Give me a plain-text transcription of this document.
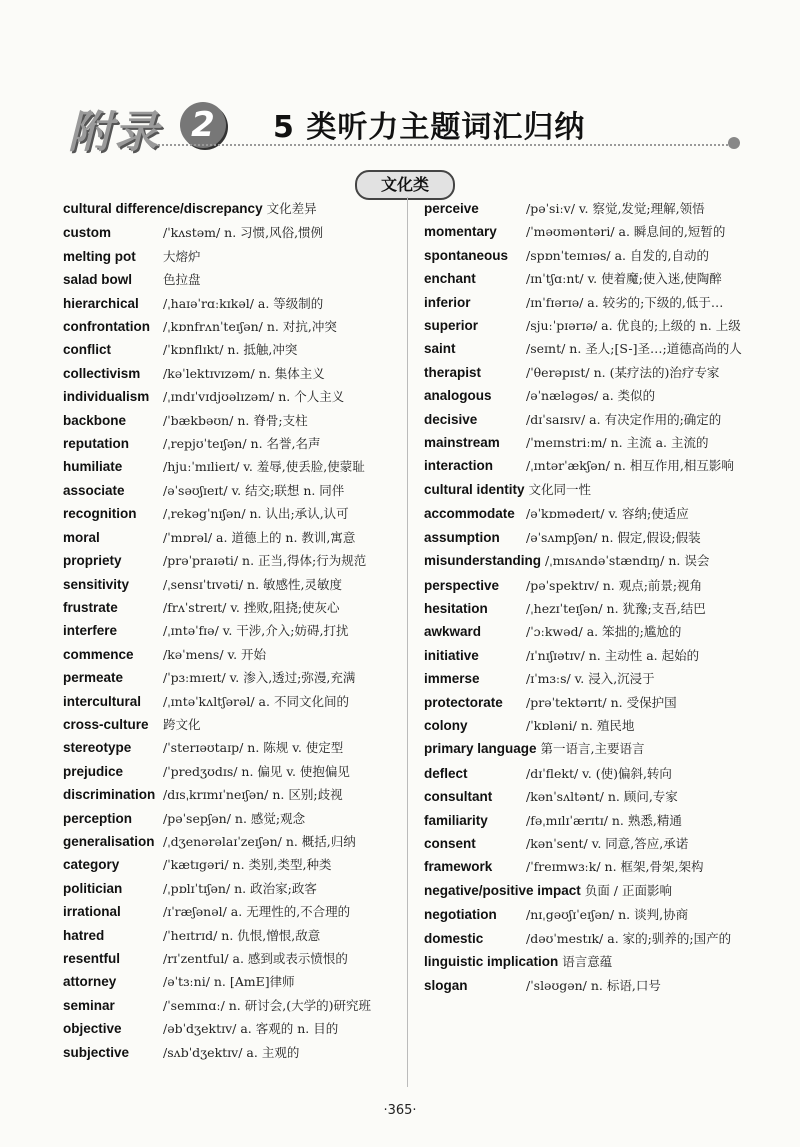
附录 2	5 类听力主题词汇归纳
文化类
cultural difference/discrepancy 文化差异
custom	/ˈkʌstəm/ n. 习惯,风俗,惯例
melting pot 大熔炉
salad bowl 色拉盘
hierarchical /ˌhaɪəˈrɑːkɪkəl/ a. 等级制的
confrontation /ˌkɒnfrʌnˈteɪʃən/ n. 对抗,冲突
conflict	/ˈkɒnflɪkt/ n. 抵触,冲突
collectivism /kəˈlektɪvɪzəm/ n. 集体主义
individualism /ˌɪndɪˈvɪdjʊəlɪzəm/ n. 个人主义
backbone	/ˈbækbəʊn/ n. 脊骨;支柱
reputation	/ˌrepjʊˈteɪʃən/ n. 名誉,名声
humiliate	/hjuːˈmɪlieɪt/ v. 羞辱,使丢脸,使蒙耻
associate	/əˈsəʊʃɪeɪt/ v. 结交;联想 n. 同伴
recognition /ˌrekəgˈnɪʃən/ n. 认出;承认,认可
moral	/ˈmɒrəl/ a. 道德上的 n. 教训,寓意
propriety	/prəˈpraɪəti/ n. 正当,得体;行为规范
sensitivity	/ˌsensɪˈtɪvəti/ n. 敏感性,灵敏度
frustrate	/frʌˈstreɪt/ v. 挫败,阻挠;使灰心
interfere	/ˌɪntəˈfɪə/ v. 干涉,介入;妨碍,打扰
commence /kəˈmens/ v. 开始
permeate	/ˈpɜːmɪeɪt/ v. 渗入,透过;弥漫,充满
intercultural /ˌɪntəˈkʌltʃərəl/ a. 不同文化间的
cross-culture 跨文化
stereotype	/ˈsterɪəʊtaɪp/ n. 陈规 v. 使定型
prejudice	/ˈpredʒʊdɪs/ n. 偏见 v. 使抱偏见
discrimination /dɪsˌkrɪmɪˈneɪʃən/ n. 区别;歧视
perception /pəˈsepʃən/ n. 感觉;观念
generalisation /ˌdʒenərəlaɪˈzeɪʃən/ n. 概括,归纳
category	/ˈkætɪgəri/ n. 类别,类型,种类
politician	/ˌpɒlɪˈtɪʃən/ n. 政治家;政客
irrational	/ɪˈræʃənəl/ a. 无理性的,不合理的
hatred	/ˈheɪtrɪd/ n. 仇恨,憎恨,敌意
resentful	/rɪˈzentful/ a. 感到或表示愤恨的
attorney	/əˈtɜːni/ n. [AmE]律师
seminar	/ˈsemɪnɑː/ n. 研讨会,(大学的)研究班
objective	/əbˈdʒektɪv/ a. 客观的 n. 目的
subjective	/sʌbˈdʒektɪv/ a. 主观的
perceive	/pəˈsiːv/ v. 察觉,发觉;理解,领悟
momentary /ˈməʊməntəri/ a. 瞬息间的,短暂的
spontaneous /spɒnˈteɪnɪəs/ a. 自发的,自动的
enchant	/ɪnˈtʃɑːnt/ v. 使着魔;使入迷,使陶醉
inferior	/ɪnˈfɪərɪə/ a. 较劣的;下级的,低于…
superior	/sjuːˈpɪərɪə/ a. 优良的;上级的 n. 上级
saint	/seɪnt/ n. 圣人;[S-]圣…;道德高尚的人
therapist	/ˈθerəpɪst/ n. (某疗法的)治疗专家
analogous	/əˈnæləgəs/ a. 类似的
decisive	/dɪˈsaɪsɪv/ a. 有决定作用的;确定的
mainstream /ˈmeɪnstriːm/ n. 主流 a. 主流的
interaction	/ˌɪntərˈækʃən/ n. 相互作用,相互影响
cultural identity 文化同一性
accommodate /əˈkɒmədeɪt/ v. 容纳;使适应
assumption /əˈsʌmpʃən/ n. 假定,假设;假装
misunderstanding /ˌmɪsʌndəˈstændɪŋ/ n. 误会
perspective /pəˈspektɪv/ n. 观点;前景;视角
hesitation	/ˌhezɪˈteɪʃən/ n. 犹豫;支吾,结巴
awkward	/ˈɔːkwəd/ a. 笨拙的;尴尬的
initiative	/ɪˈnɪʃɪətɪv/ n. 主动性 a. 起始的
immerse	/ɪˈmɜːs/ v. 浸入,沉浸于
protectorate /prəˈtektərɪt/ n. 受保护国
colony	/ˈkɒləni/ n. 殖民地
primary language 第一语言,主要语言
deflect	/dɪˈflekt/ v. (使)偏斜,转向
consultant	/kənˈsʌltənt/ n. 顾问,专家
familiarity	/fəˌmɪlɪˈærɪtɪ/ n. 熟悉,精通
consent	/kənˈsent/ v. 同意,答应,承诺
framework	/ˈfreɪmwɜːk/ n. 框架,骨架,架构
negative/positive impact 负面 / 正面影响
negotiation /nɪˌgəʊʃɪˈeɪʃən/ n. 谈判,协商
domestic	/dəʊˈmestɪk/ a. 家的;驯养的;国产的
linguistic implication 语言意蕴
slogan	/ˈsləʊgən/ n. 标语,口号
·365·
